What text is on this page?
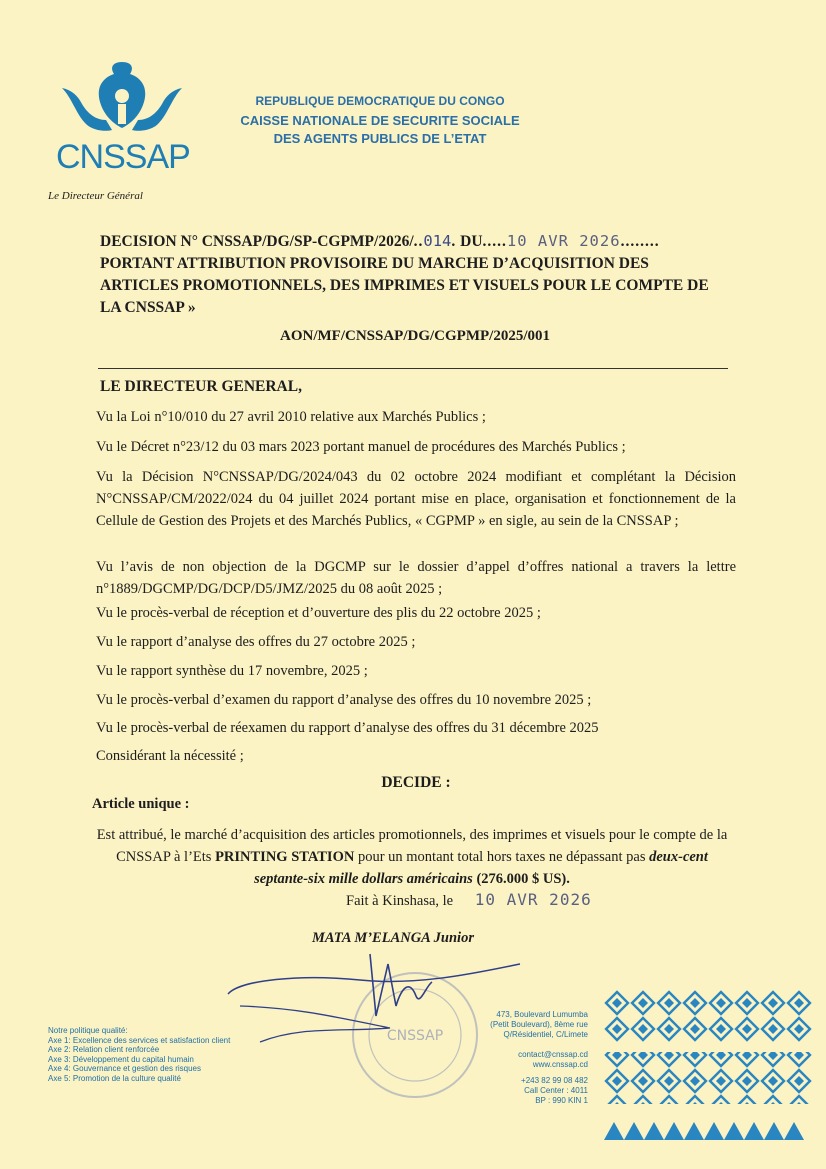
CNSSAP
REPUBLIQUE DEMOCRATIQUE DU CONGO
CAISSE NATIONALE DE SECURITE SOCIALE
DES AGENTS PUBLICS DE L’ETAT
Le Directeur Général
DECISION N° CNSSAP/DG/SP-CGPMP/2026/..014. DU.....10 AVR 2026........
PORTANT ATTRIBUTION PROVISOIRE DU MARCHE D’ACQUISITION DES ARTICLES PROMOTIONNELS, DES IMPRIMES ET VISUELS POUR LE COMPTE DE LA CNSSAP »
AON/MF/CNSSAP/DG/CGPMP/2025/001
LE DIRECTEUR GENERAL,
Vu la Loi n°10/010 du 27 avril 2010 relative aux Marchés Publics ;
Vu le Décret n°23/12 du 03 mars 2023 portant manuel de procédures des Marchés Publics ;
Vu la Décision N°CNSSAP/DG/2024/043 du 02 octobre 2024 modifiant et complétant la Décision N°CNSSAP/CM/2022/024 du 04 juillet 2024 portant mise en place, organisation et fonctionnement de la Cellule de Gestion des Projets et des Marchés Publics, « CGPMP » en sigle, au sein de la CNSSAP ;
Vu l’avis de non objection de la DGCMP sur le dossier d’appel d’offres national a travers la lettre n°1889/DGCMP/DG/DCP/D5/JMZ/2025 du 08 août 2025 ;
Vu le procès-verbal de réception et d’ouverture des plis du 22 octobre 2025 ;
Vu le rapport d’analyse des offres du 27 octobre 2025 ;
Vu le rapport synthèse du 17 novembre, 2025 ;
Vu le procès-verbal d’examen du rapport d’analyse des offres du 10 novembre 2025 ;
Vu le procès-verbal de réexamen du rapport d’analyse des offres du 31 décembre 2025
Considérant la nécessité ;
DECIDE :
Article unique :
Est attribué, le marché d’acquisition des articles promotionnels, des imprimes et visuels pour le compte de la CNSSAP à l’Ets PRINTING STATION pour un montant total hors taxes ne dépassant pas deux-cent septante-six mille dollars américains (276.000 $ US).
Fait à Kinshasa, le 10 AVR 2026
MATA M’ELANGA Junior
CNSSAP
Notre politique qualité:
Axe 1: Excellence des services et satisfaction client
Axe 2: Relation client renforcée
Axe 3: Développement du capital humain
Axe 4: Gouvernance et gestion des risques
Axe 5: Promotion de la culture qualité
473, Boulevard Lumumba
(Petit Boulevard), 8ème rue
Q/Résidentiel, C/Limete
contact@cnssap.cd
www.cnssap.cd
+243 82 99 08 482
Call Center : 4011
BP : 990 KIN 1
